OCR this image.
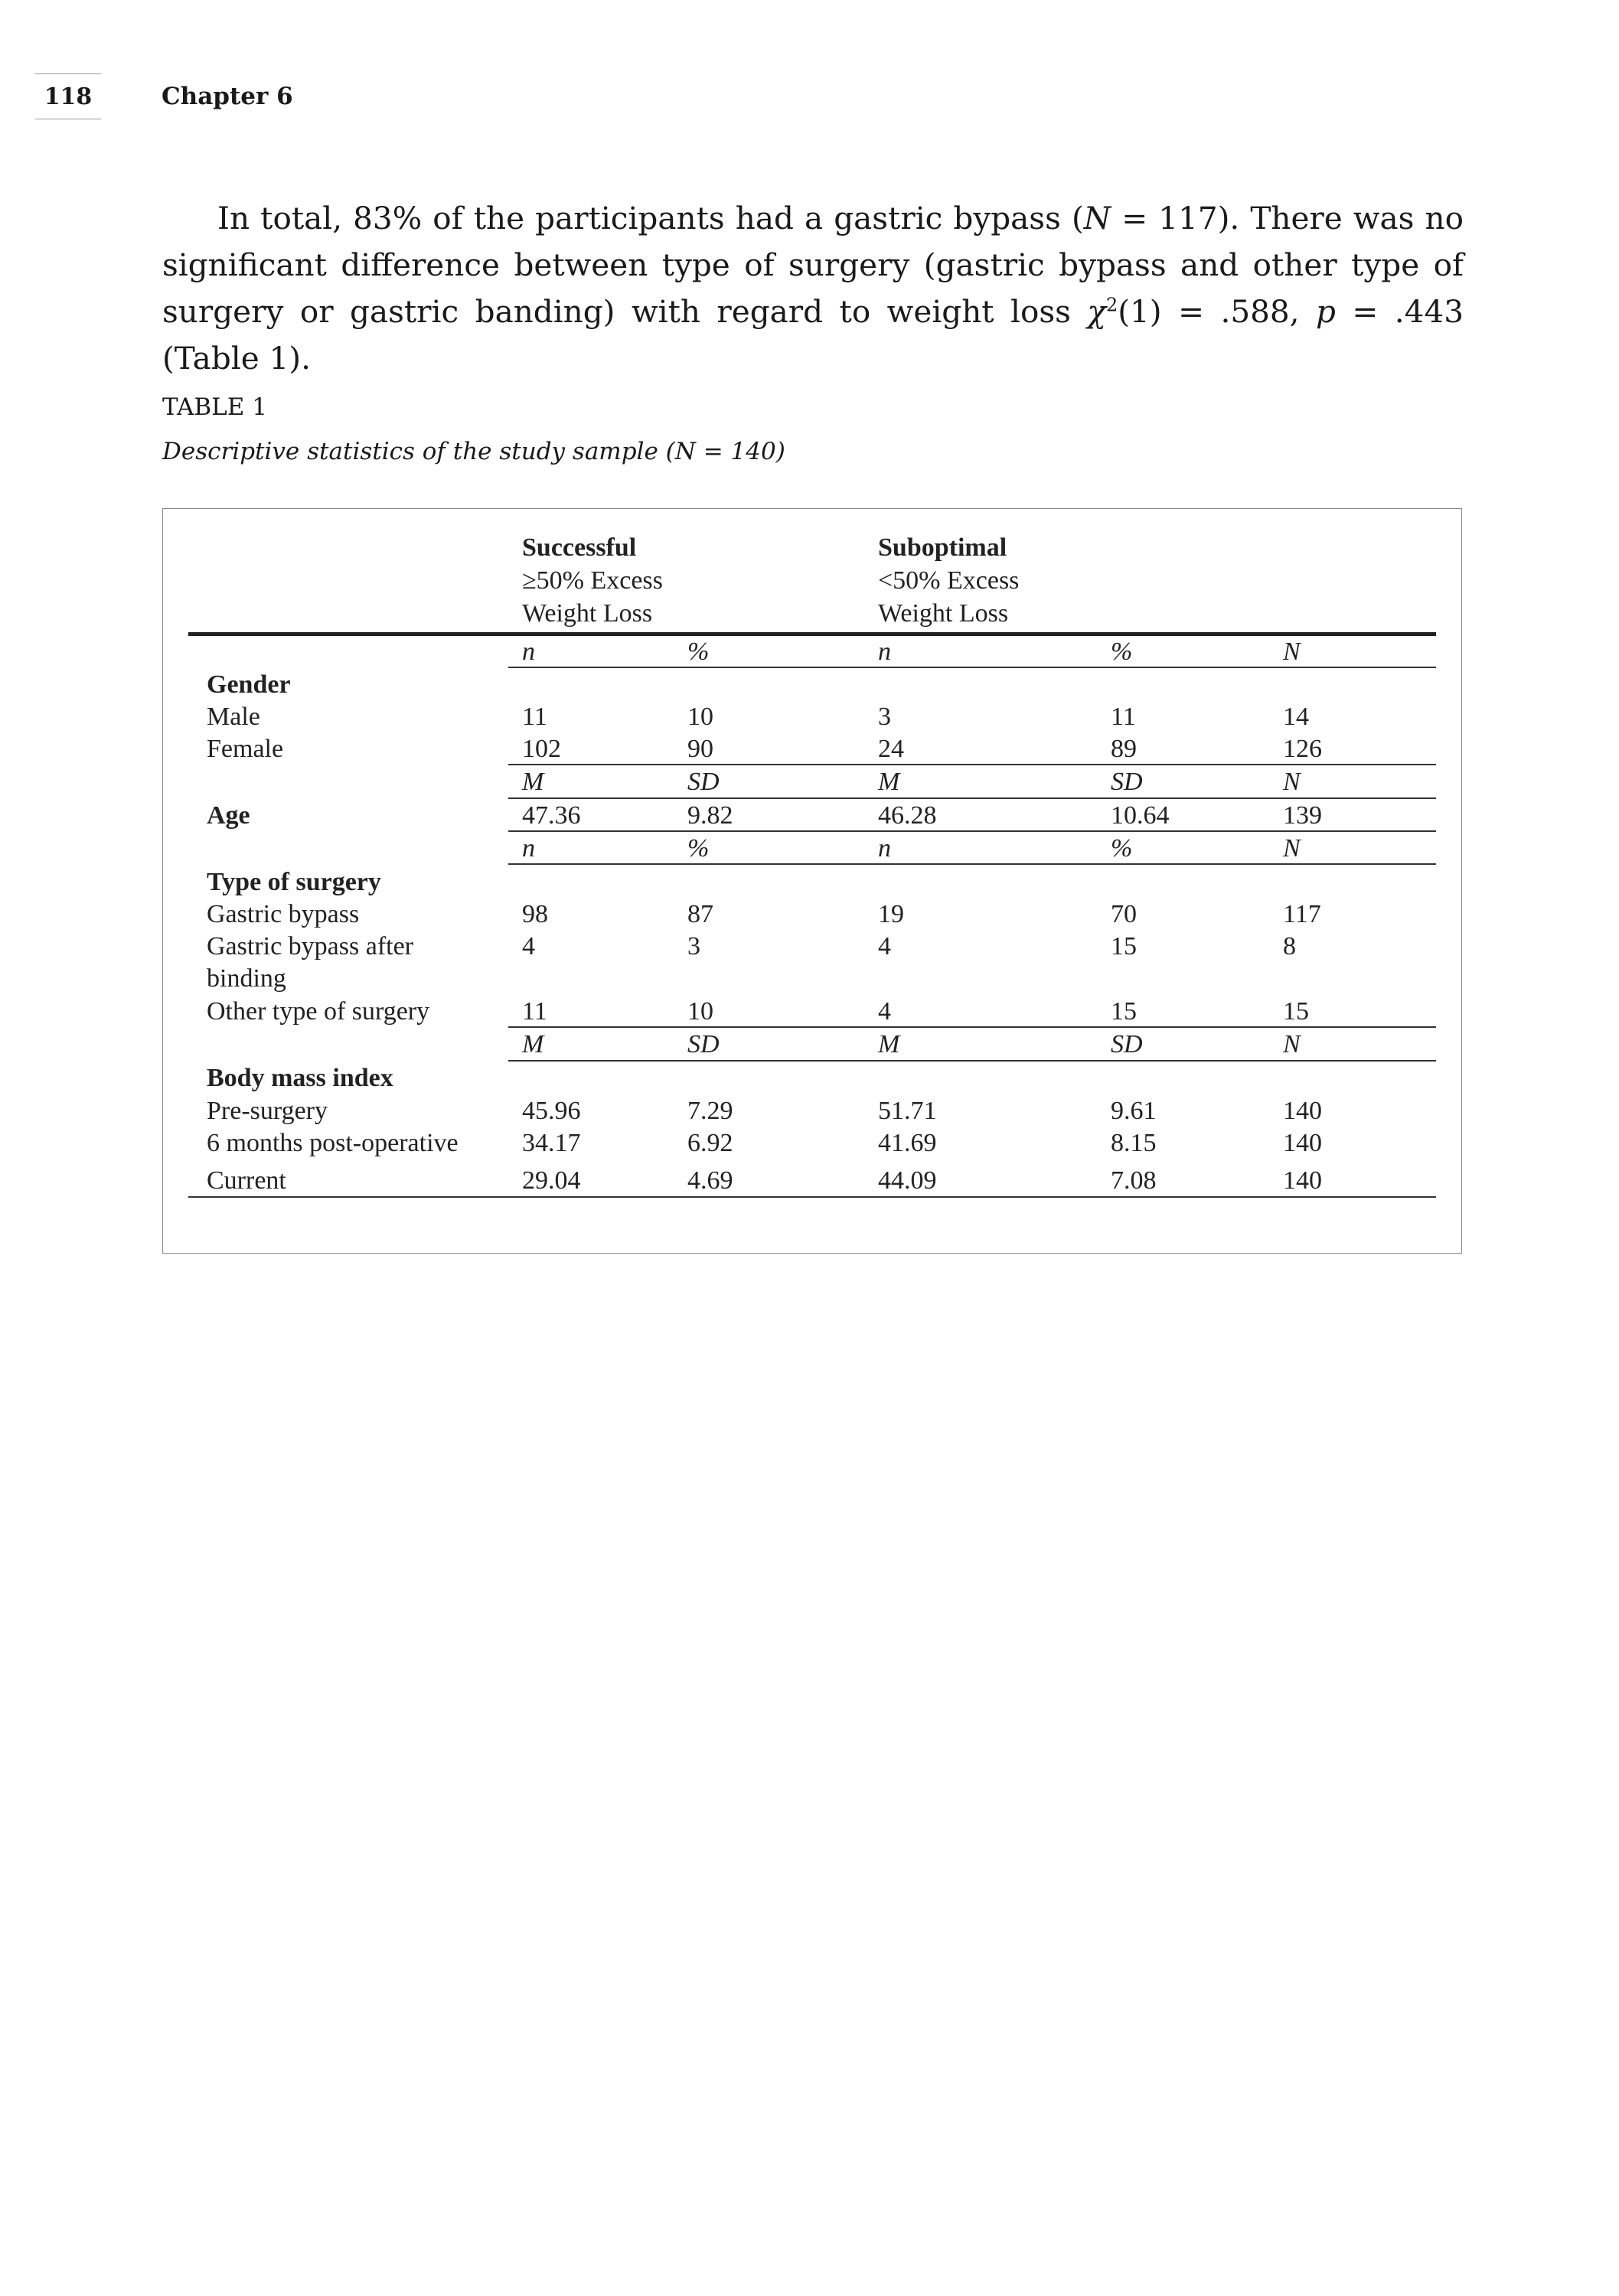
118	Chapter 6

In total, 83% of the participants had a gastric bypass (N = 117). There was no significant difference between type of surgery (gastric bypass and other type of surgery or gastric banding) with regard to weight loss $\chi^2(1) = .588$, p = .443 (Table 1).

TABLE 1
Descriptive statistics of the study sample (N = 140)
Successful
≥50% Excess
Weight Loss
Suboptimal
<50% Excess
Weight Loss
n	%	n	%	N
Gender
Male	11	10	3	11	14
Female	102	90	24	89	126
M	SD	M	SD	N
Age	47.36	9.82	46.28	10.64	139
n	%	n	%	N
Type of surgery
Gastric bypass	98	87	19	70	117
Gastric bypass after
binding
4	3	4	15	8
Other type of surgery	11	10	4	15	15
M	SD	M	SD	N
Body mass index
Pre-surgery	45.96	7.29	51.71	9.61	140
6 months post-operative 34.17	6.92	41.69	8.15	140
Current	29.04	4.69	44.09	7.08	140
